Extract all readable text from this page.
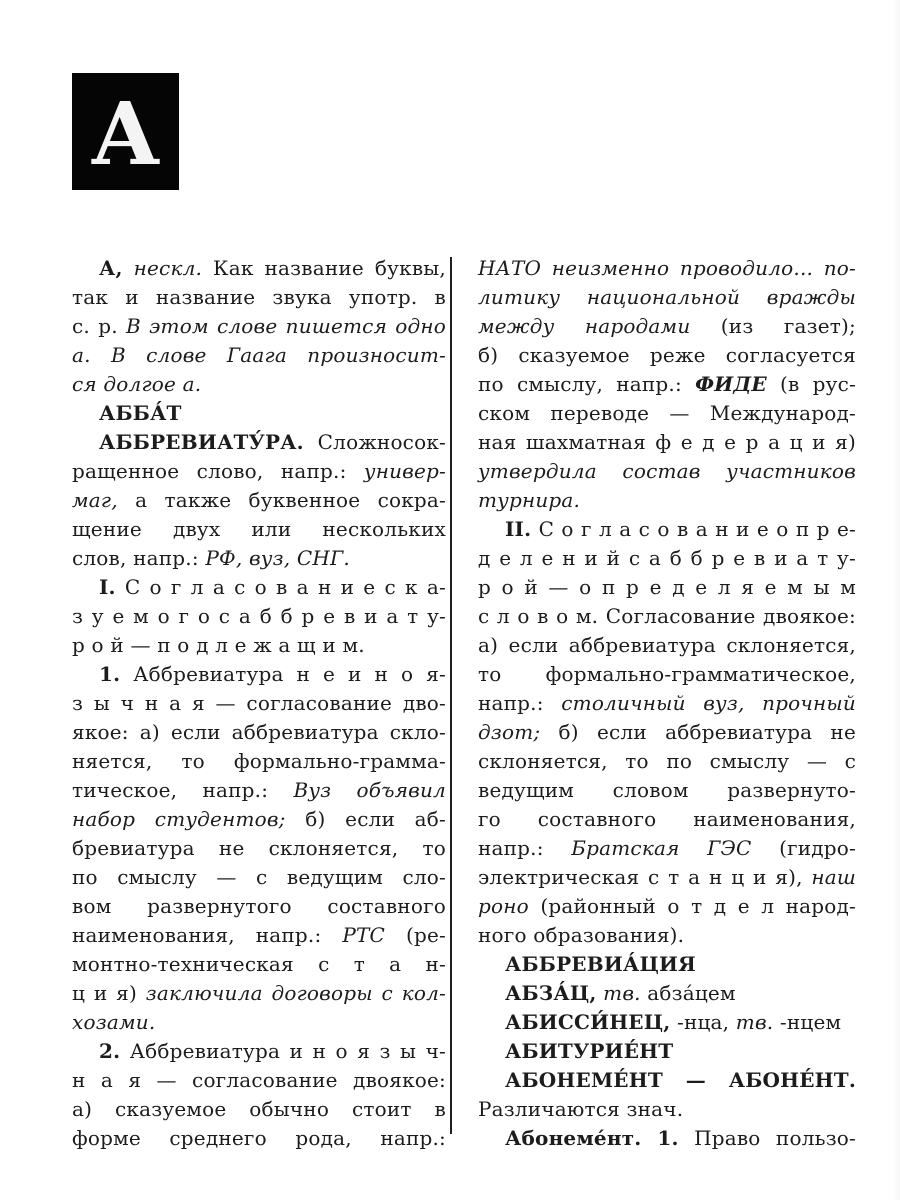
А
А, нескл. Как название буквы,
так и название звука употр. в
с. р. В этом слове пишется одно
а. В слове Гаага произносит-
ся долгое а.
АББА́Т
АББРЕВИАТУ́РА. Сложносок-
ращенное слово, напр.: универ-
маг, а также буквенное сокра-
щение двух или нескольких
слов, напр.: РФ, вуз, СНГ.
I. С о г л а с о в а н и е с к а-
з у е м о г о с а б б р е в и а т у-
р о й — п о д л е ж а щ и м.
1. Аббревиатура н е и н о я-
з ы ч н а я — согласование дво-
якое: а) если аббревиатура скло-
няется, то формально-грамма-
тическое, напр.: Вуз объявил
набор студентов; б) если аб-
бревиатура не склоняется, то
по смыслу — с ведущим сло-
вом развернутого составного
наименования, напр.: РТС (ре-
монтно-техническая с т а н-
ц и я) заключила договоры с кол-
хозами.
2. Аббревиатура и н о я з ы ч-
н а я — согласование двоякое:
а) сказуемое обычно стоит в
форме среднего рода, напр.:
НАТО неизменно проводило... по-
литику национальной вражды
между народами (из газет);
б) сказуемое реже согласуется
по смыслу, напр.: ФИДЕ (в рус-
ском переводе — Международ-
ная шахматная ф е д е р а ц и я)
утвердила состав участников
турнира.
II. С о г л а с о в а н и е о п р е-
д е л е н и й с а б б р е в и а т у-
р о й — о п р е д е л я е м ы м
с л о в о м. Согласование двоякое:
а) если аббревиатура склоняется,
то формально-грамматическое,
напр.: столичный вуз, прочный
дзот; б) если аббревиатура не
склоняется, то по смыслу — с
ведущим словом развернуто-
го составного наименования,
напр.: Братская ГЭС (гидро-
электрическая с т а н ц и я), наш
роно (районный о т д е л народ-
ного образования).
АББРЕВИА́ЦИЯ
АБЗА́Ц, тв. абза́цем
АБИССИ́НЕЦ, -нца, тв. -нцем
АБИТУРИЕ́НТ
АБОНЕМЕ́НТ — АБОНЕ́НТ.
Различаются знач.
Абонеме́нт. 1. Право пользо-
